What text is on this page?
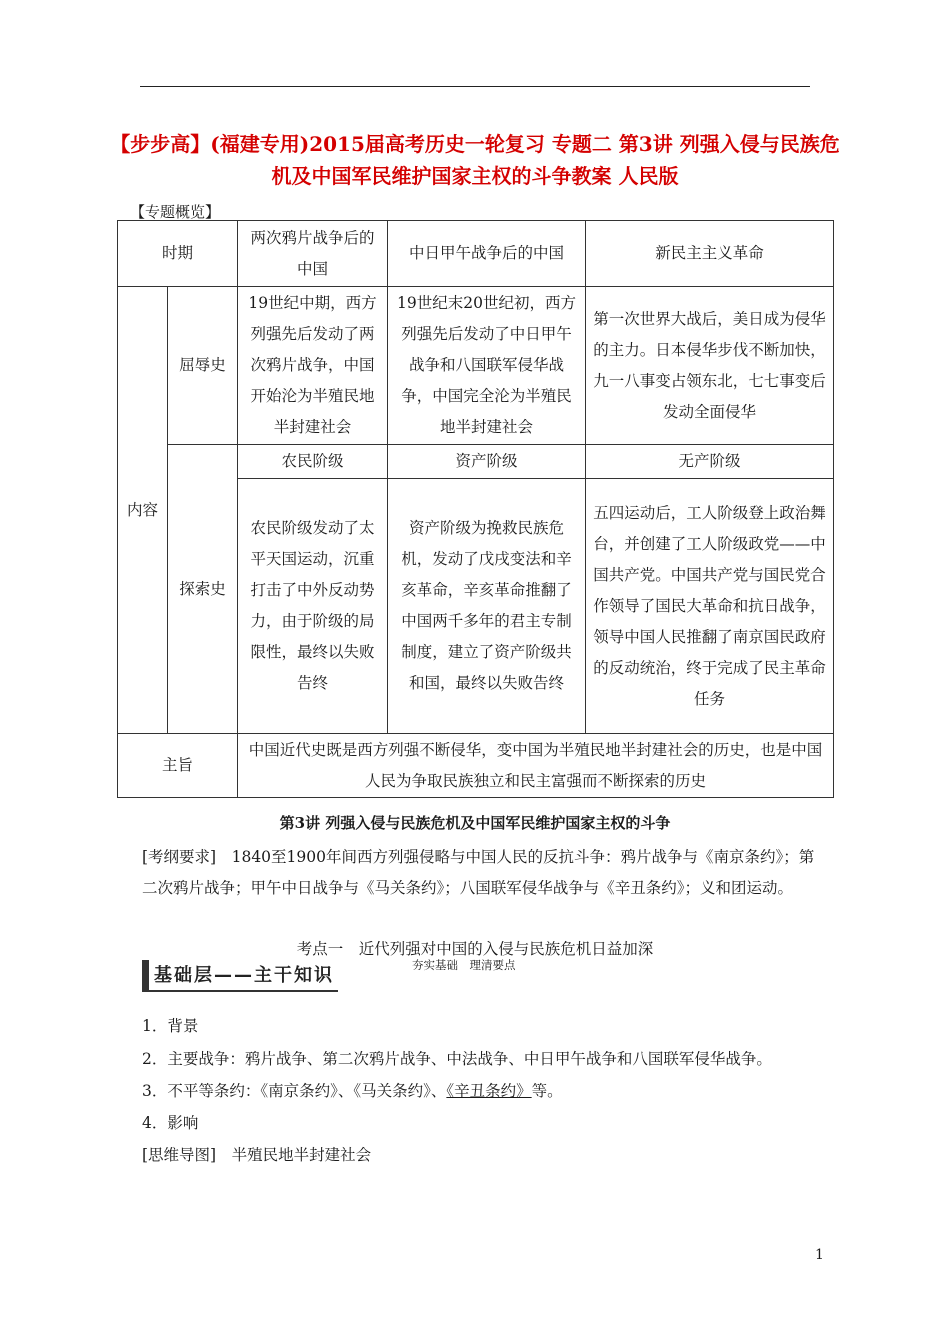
【步步高】(福建专用)2015届高考历史一轮复习 专题二 第3讲 列强入侵与民族危机及中国军民维护国家主权的斗争教案 人民版
【专题概览】
时期		两次鸦片战争后的中国	中日甲午战争后的中国	新民主主义革命
内容	屈辱史	19世纪中期，西方列强先后发动了两次鸦片战争，中国开始沦为半殖民地半封建社会	19世纪末20世纪初，西方列强先后发动了中日甲午战争和八国联军侵华战争，中国完全沦为半殖民地半封建社会	第一次世界大战后，美日成为侵华的主力。日本侵华步伐不断加快，九一八事变占领东北，七七事变后发动全面侵华
	探索史	农民阶级	资产阶级	无产阶级
		农民阶级发动了太平天国运动，沉重打击了中外反动势力，由于阶级的局限性，最终以失败告终	资产阶级为挽救民族危机，发动了戊戌变法和辛亥革命，辛亥革命推翻了中国两千多年的君主专制制度，建立了资产阶级共和国，最终以失败告终	五四运动后，工人阶级登上政治舞台，并创建了工人阶级政党——中国共产党。中国共产党与国民党合作领导了国民大革命和抗日战争，领导中国人民推翻了南京国民政府的反动统治，终于完成了民主革命任务
主旨		中国近代史既是西方列强不断侵华，变中国为半殖民地半封建社会的历史，也是中国人民为争取民族独立和民主富强而不断探索的历史		
第3讲 列强入侵与民族危机及中国军民维护国家主权的斗争
[考纲要求]　1840至1900年间西方列强侵略与中国人民的反抗斗争：鸦片战争与《南京条约》；第二次鸦片战争；甲午中日战争与《马关条约》；八国联军侵华战争与《辛丑条约》；义和团运动。
考点一　近代列强对中国的入侵与民族危机日益加深
基础层——主干知识	夯实基础　理清要点
1．背景
2．主要战争：鸦片战争、第二次鸦片战争、中法战争、中日甲午战争和八国联军侵华战争。
3．不平等条约：《南京条约》、《马关条约》、《辛丑条约》等。
4．影响
[思维导图]　半殖民地半封建社会
1
